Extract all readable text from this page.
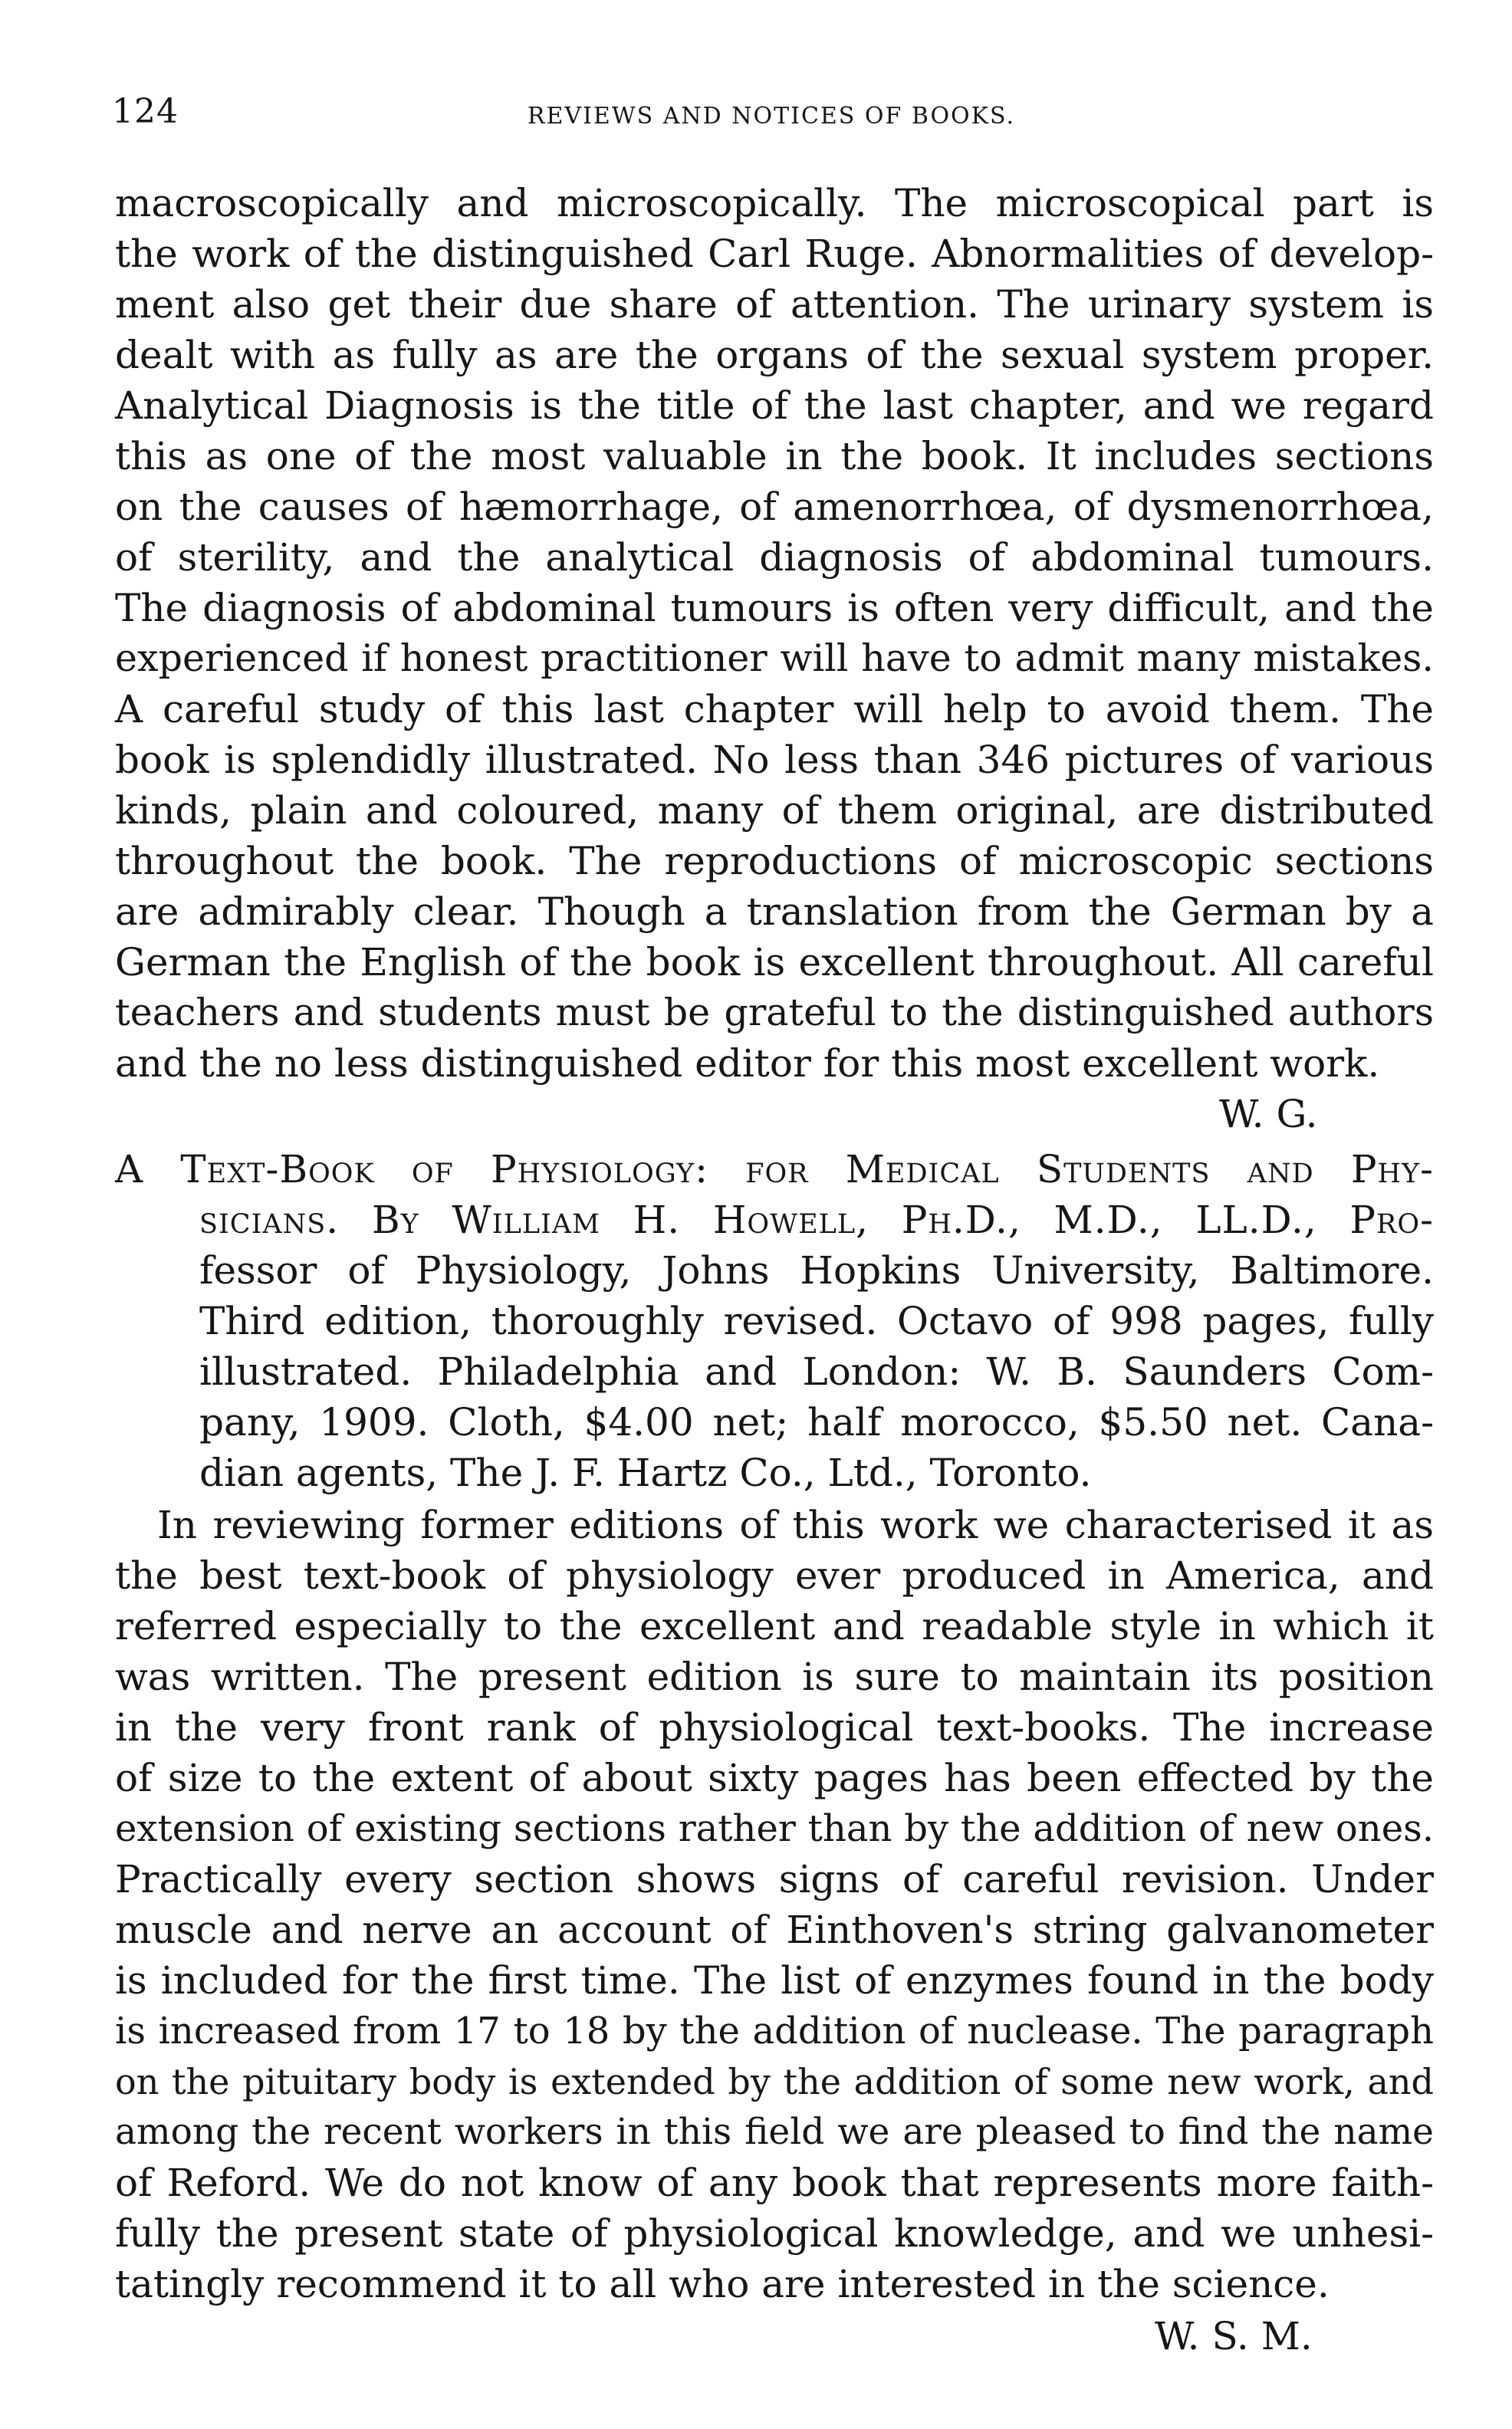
124	REVIEWS AND NOTICES OF BOOKS.
macroscopically and microscopically. The microscopical part is
the work of the distinguished Carl Ruge. Abnormalities of develop-
ment also get their due share of attention. The urinary system is
dealt with as fully as are the organs of the sexual system proper.
Analytical Diagnosis is the title of the last chapter, and we regard
this as one of the most valuable in the book. It includes sections
on the causes of hæmorrhage, of amenorrhœa, of dysmenorrhœa,
of sterility, and the analytical diagnosis of abdominal tumours.
The diagnosis of abdominal tumours is often very difficult, and the
experienced if honest practitioner will have to admit many mistakes.
A careful study of this last chapter will help to avoid them. The
book is splendidly illustrated. No less than 346 pictures of various
kinds, plain and coloured, many of them original, are distributed
throughout the book. The reproductions of microscopic sections
are admirably clear. Though a translation from the German by a
German the English of the book is excellent throughout. All careful
teachers and students must be grateful to the distinguished authors
and the no less distinguished editor for this most excellent work.
W. G.
A Text-Book of Physiology: for Medical Students and Phy-
sicians. By William H. Howell, Ph.D., M.D., LL.D., Pro-
fessor of Physiology, Johns Hopkins University, Baltimore.
Third edition, thoroughly revised. Octavo of 998 pages, fully
illustrated. Philadelphia and London: W. B. Saunders Com-
pany, 1909. Cloth, $4.00 net; half morocco, $5.50 net. Cana-
dian agents, The J. F. Hartz Co., Ltd., Toronto.
In reviewing former editions of this work we characterised it as
the best text-book of physiology ever produced in America, and
referred especially to the excellent and readable style in which it
was written. The present edition is sure to maintain its position
in the very front rank of physiological text-books. The increase
of size to the extent of about sixty pages has been effected by the
extension of existing sections rather than by the addition of new ones.
Practically every section shows signs of careful revision. Under
muscle and nerve an account of Einthoven's string galvanometer
is included for the first time. The list of enzymes found in the body
is increased from 17 to 18 by the addition of nuclease. The paragraph
on the pituitary body is extended by the addition of some new work, and
among the recent workers in this field we are pleased to find the name
of Reford. We do not know of any book that represents more faith-
fully the present state of physiological knowledge, and we unhesi-
tatingly recommend it to all who are interested in the science.
W. S. M.
